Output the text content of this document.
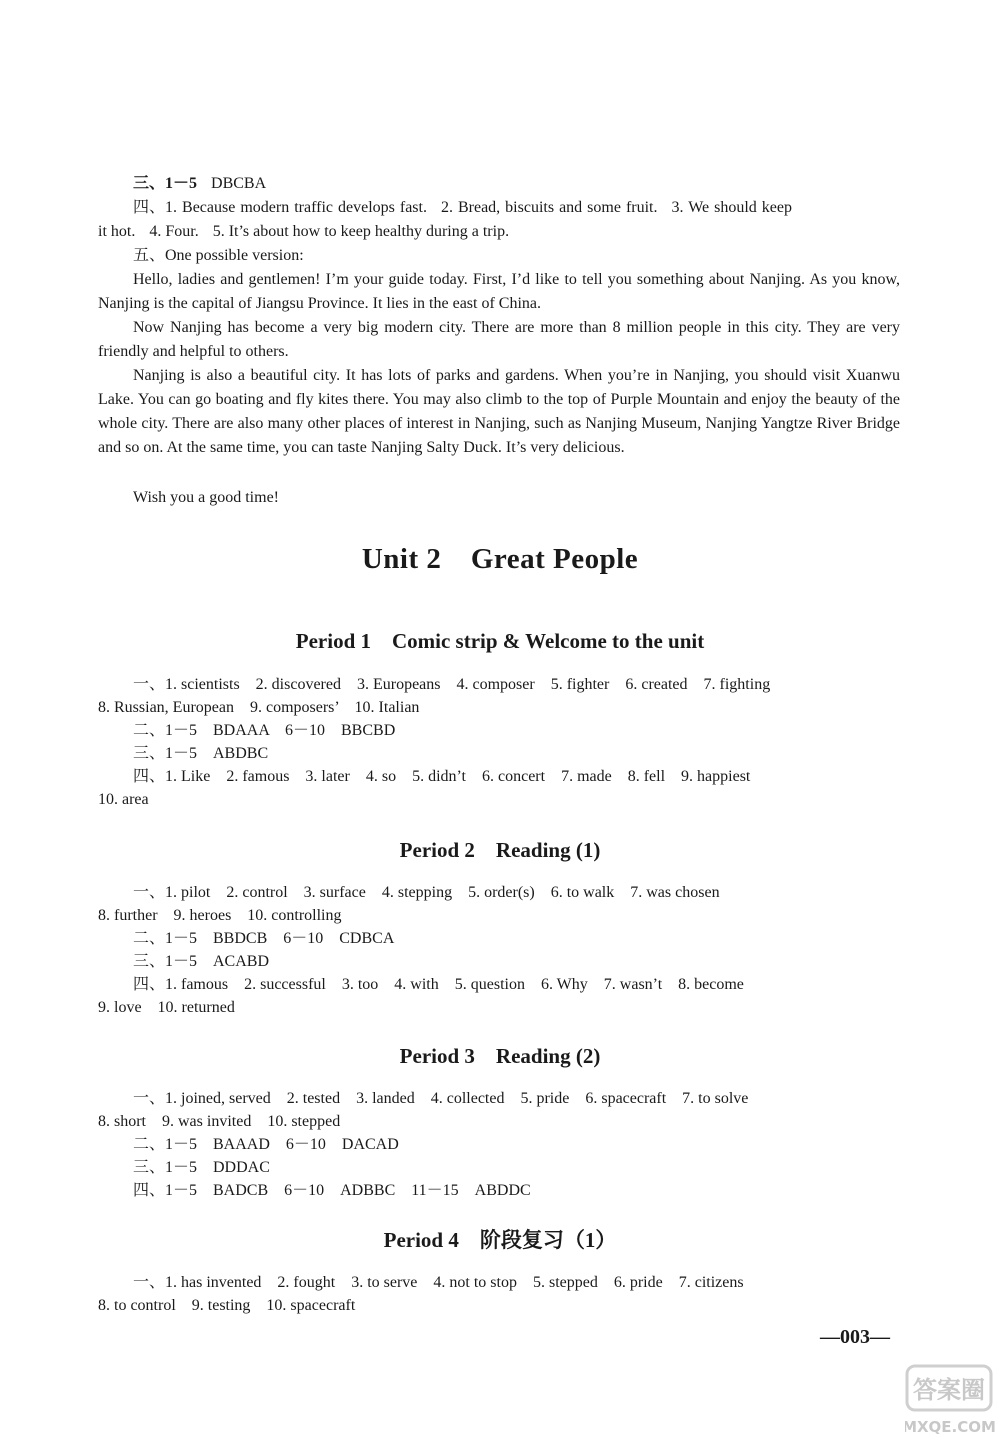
三、1－5 DBCBA
四、1. Because modern traffic develops fast. 2. Bread, biscuits and some fruit. 3. We should keep
it hot. 4. Four. 5. It’s about how to keep healthy during a trip.
五、One possible version:
Hello, ladies and gentlemen! I’m your guide today. First, I’d like to tell you something about Nanjing. As you know, Nanjing is the capital of Jiangsu Province. It lies in the east of China.
Now Nanjing has become a very big modern city. There are more than 8 million people in this city. They are very friendly and helpful to others.
Nanjing is also a beautiful city. It has lots of parks and gardens. When you’re in Nanjing, you should visit Xuanwu Lake. You can go boating and fly kites there. You may also climb to the top of Purple Mountain and enjoy the beauty of the whole city. There are also many other places of interest in Nanjing, such as Nanjing Museum, Nanjing Yangtze River Bridge and so on. At the same time, you can taste Nanjing Salty Duck. It’s very delicious.
Wish you a good time!
Unit 2　Great People
Period 1　Comic strip & Welcome to the unit
一、1. scientists　2. discovered　3. Europeans　4. composer　5. fighter　6. created　7. fighting
8. Russian, European　9. composers’　10. Italian
二、1－5　BDAAA　6－10　BBCBD
三、1－5　ABDBC
四、1. Like　2. famous　3. later　4. so　5. didn’t　6. concert　7. made　8. fell　9. happiest
10. area
Period 2　Reading (1)
一、1. pilot　2. control　3. surface　4. stepping　5. order(s)　6. to walk　7. was chosen
8. further　9. heroes　10. controlling
二、1－5　BBDCB　6－10　CDBCA
三、1－5　ACABD
四、1. famous　2. successful　3. too　4. with　5. question　6. Why　7. wasn’t　8. become
9. love　10. returned
Period 3　Reading (2)
一、1. joined, served　2. tested　3. landed　4. collected　5. pride　6. spacecraft　7. to solve
8. short　9. was invited　10. stepped
二、1－5　BAAAD　6－10　DACAD
三、1－5　DDDAC
四、1－5　BADCB　6－10　ADBBC　11－15　ABDDC
Period 4　阶段复习（1）
一、1. has invented　2. fought　3. to serve　4. not to stop　5. stepped　6. pride　7. citizens
8. to control　9. testing　10. spacecraft
—003—
答案圈
MXQE.COM
